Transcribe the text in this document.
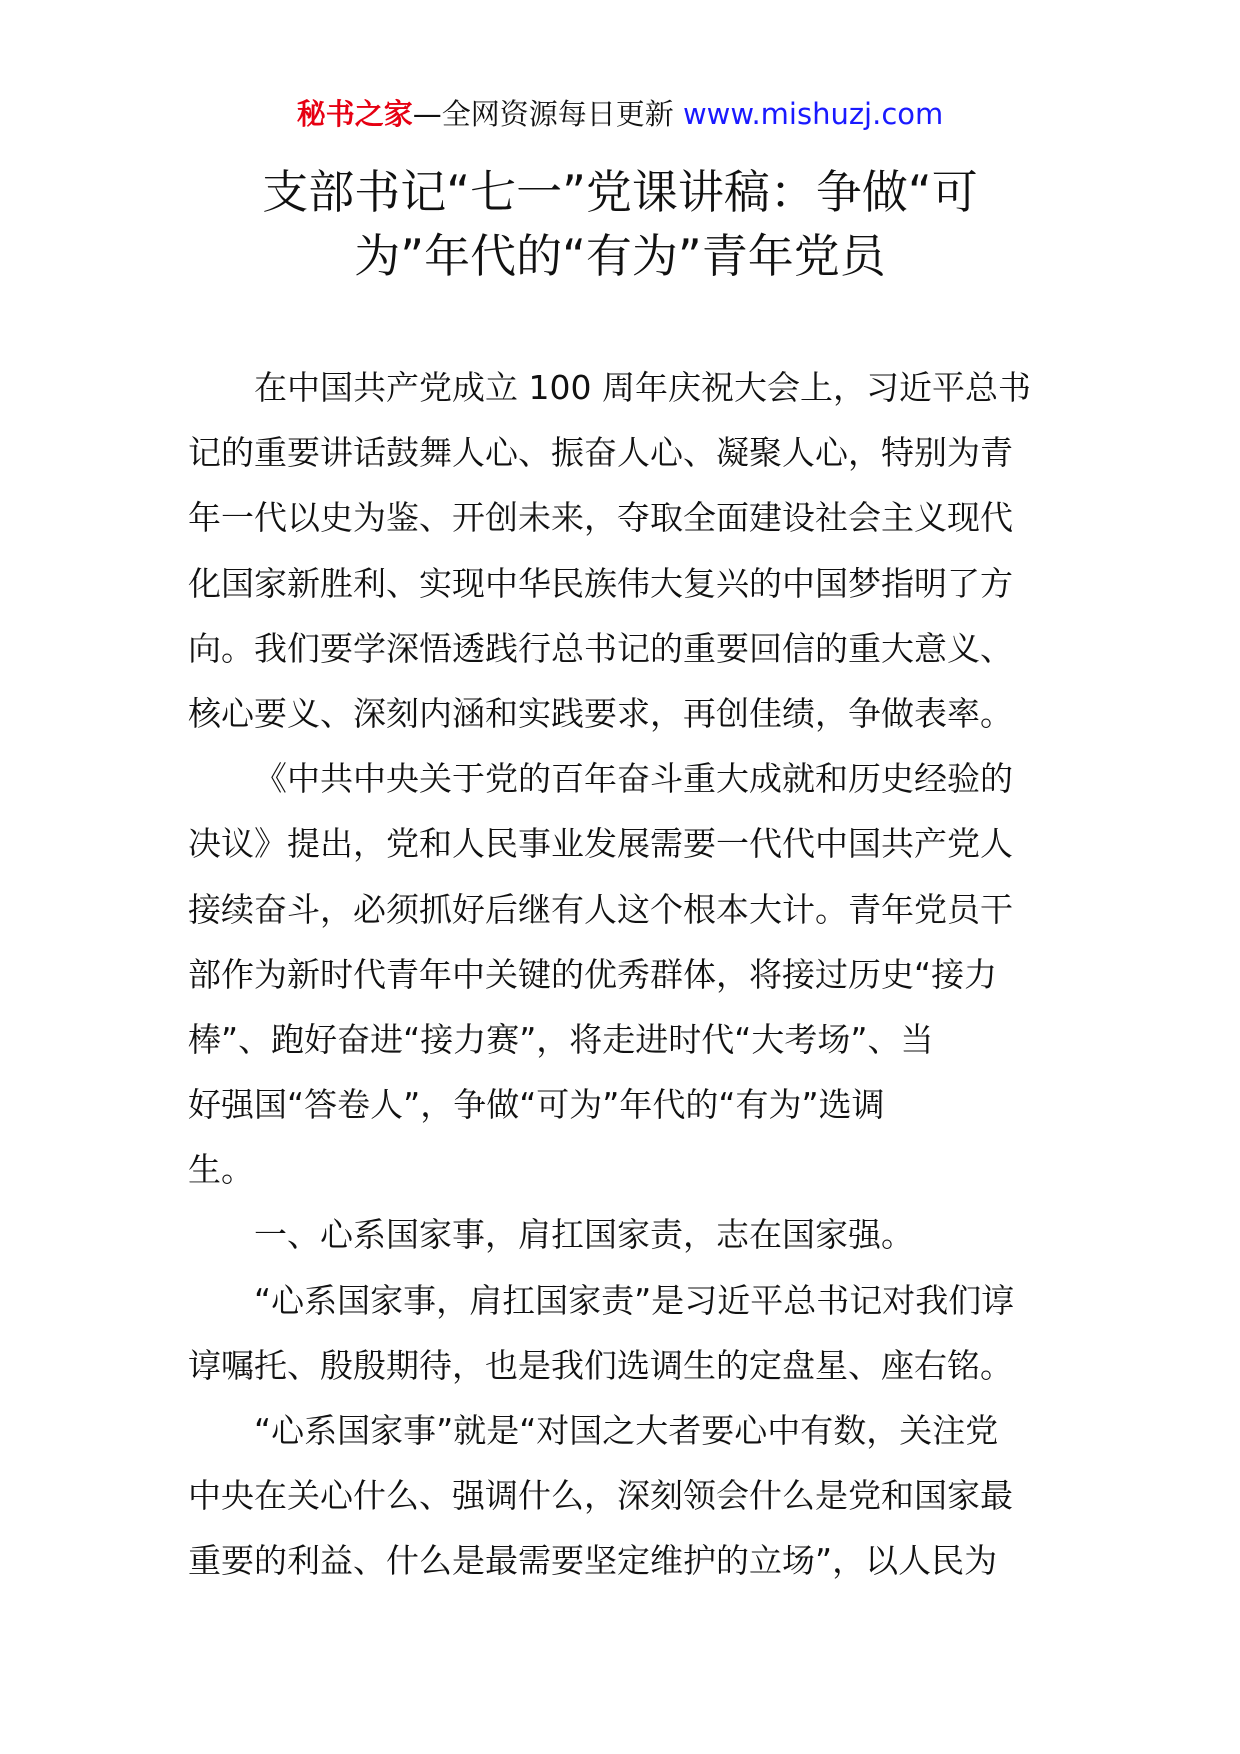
秘书之家—全网资源每日更新 www.mishuzj.com
支部书记“七一”党课讲稿：争做“可
为”年代的“有为”青年党员
在中国共产党成立 100 周年庆祝大会上，习近平总书
记的重要讲话鼓舞人心、振奋人心、凝聚人心，特别为青
年一代以史为鉴、开创未来，夺取全面建设社会主义现代
化国家新胜利、实现中华民族伟大复兴的中国梦指明了方
向。我们要学深悟透践行总书记的重要回信的重大意义、
核心要义、深刻内涵和实践要求，再创佳绩，争做表率。
《中共中央关于党的百年奋斗重大成就和历史经验的
决议》提出，党和人民事业发展需要一代代中国共产党人
接续奋斗，必须抓好后继有人这个根本大计。青年党员干
部作为新时代青年中关键的优秀群体，将接过历史“接力
棒”、跑好奋进“接力赛”，将走进时代“大考场”、当
好强国“答卷人”，争做“可为”年代的“有为”选调
生。
一、心系国家事，肩扛国家责，志在国家强。
“心系国家事，肩扛国家责”是习近平总书记对我们谆
谆嘱托、殷殷期待，也是我们选调生的定盘星、座右铭。
“心系国家事”就是“对国之大者要心中有数，关注党
中央在关心什么、强调什么，深刻领会什么是党和国家最
重要的利益、什么是最需要坚定维护的立场”，以人民为
